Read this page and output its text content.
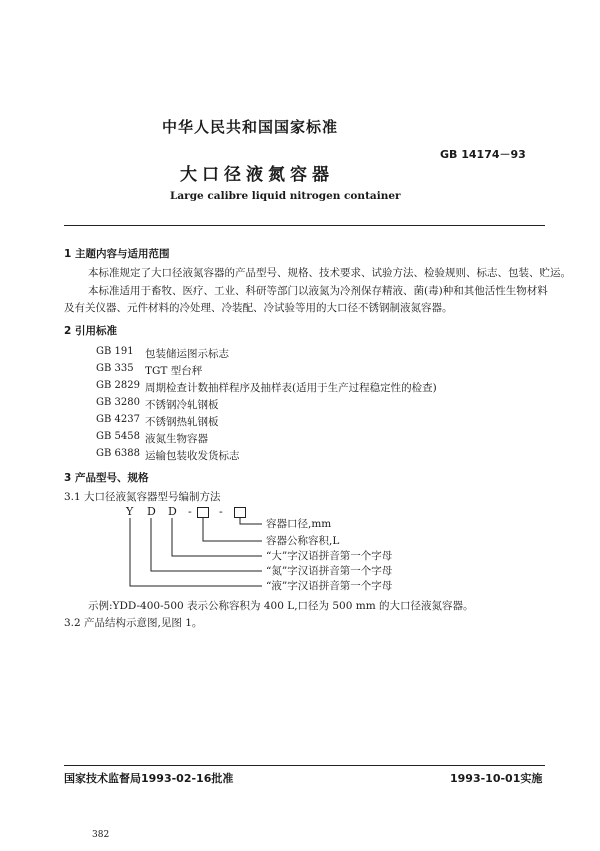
中华人民共和国国家标准
GB 14174－93
大口径液氮容器
Large calibre liquid nitrogen container
1 主题内容与适用范围
本标准规定了大口径液氮容器的产品型号、规格、技术要求、试验方法、检验规则、标志、包装、贮运。
本标准适用于畜牧、医疗、工业、科研等部门以液氮为冷剂保存精液、菌(毒)种和其他活性生物材料
及有关仪器、元件材料的冷处理、冷装配、冷试验等用的大口径不锈钢制液氮容器。
2 引用标准
GB 191 包装储运图示标志
GB 335 TGT 型台秤
GB 2829 周期检查计数抽样程序及抽样表(适用于生产过程稳定性的检查)
GB 3280 不锈钢冷轧钢板
GB 4237 不锈钢热轧钢板
GB 5458 液氮生物容器
GB 6388 运输包装收发货标志
3 产品型号、规格
3.1 大口径液氮容器型号编制方法
Y D D - -
容器口径,mm
容器公称容积,L
“大”字汉语拼音第一个字母
“氮”字汉语拼音第一个字母
“液”字汉语拼音第一个字母
示例:YDD-400-500 表示公称容积为 400 L,口径为 500 mm 的大口径液氮容器。
3.2 产品结构示意图,见图 1。
国家技术监督局1993-02-16批准	1993-10-01实施
382
